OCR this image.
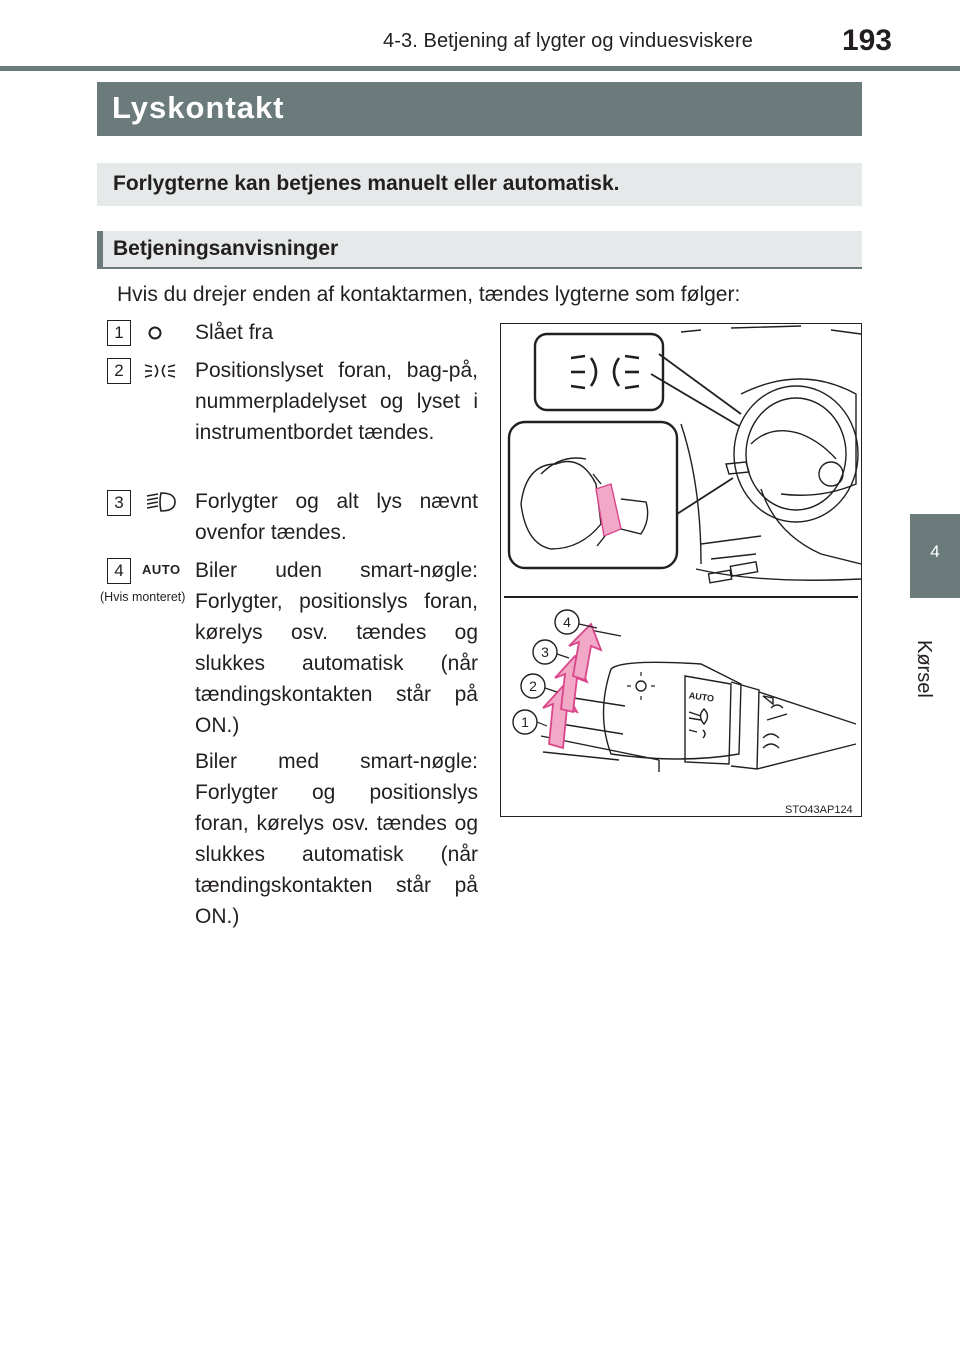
4-3. Betjening af lygter og vinduesviskere	193
4
Kørsel
Lyskontakt
Forlygterne kan betjenes manuelt eller automatisk.
Betjeningsanvisninger
Hvis du drejer enden af kontaktarmen, tændes lygterne som følger:
1	Slået fra
2	Positionslyset foran, bag-på, nummerpladelyset og lyset i instrumentbordet tændes.
3	Forlygter og alt lys nævnt ovenfor tændes.
4	AUTO
(Hvis monteret)
Biler uden smart-nøgle: Forlygter, positionslys foran, kørelys osv. tændes og slukkes automatisk (når tændingskontakten står på ON.)
Biler med smart-nøgle: Forlygter og positionslys foran, kørelys osv. tændes og slukkes automatisk (når tændingskontakten står på ON.)
1
2
3
4
AUTO
STO43AP124
